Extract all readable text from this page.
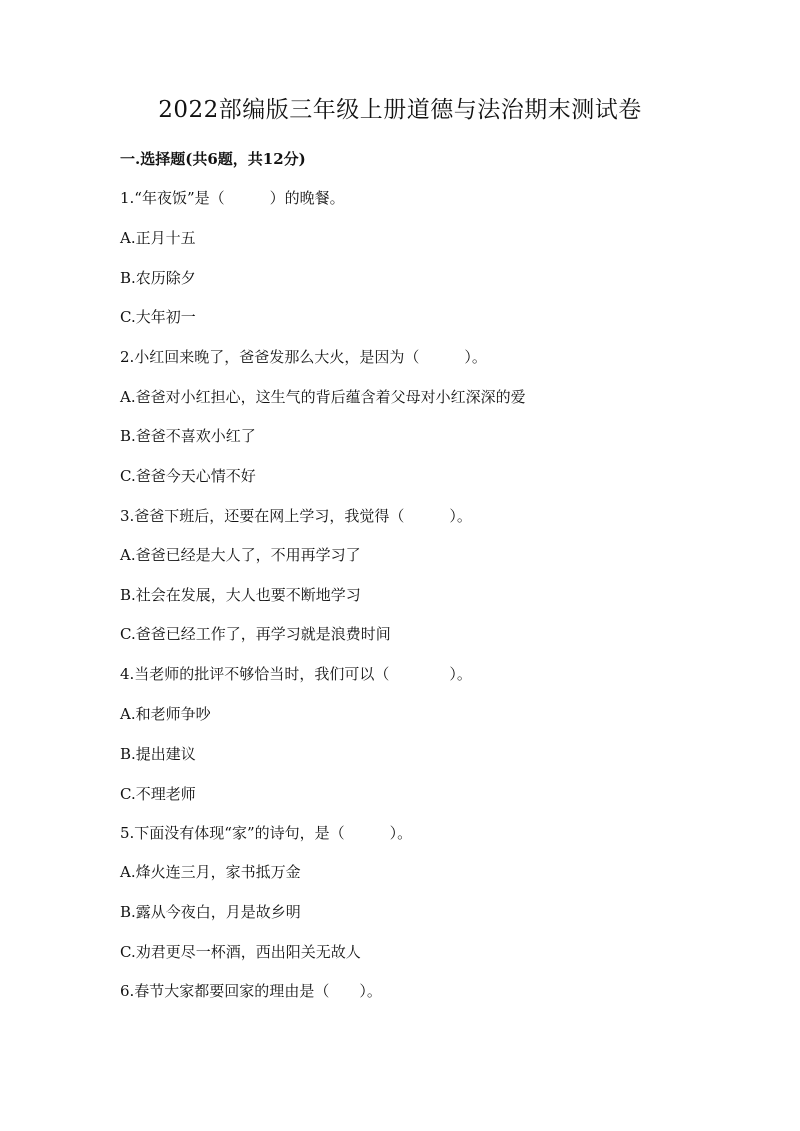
2022部编版三年级上册道德与法治期末测试卷
一.选择题(共6题，共12分)
1.“年夜饭”是（　　　）的晚餐。
A.正月十五
B.农历除夕
C.大年初一
2.小红回来晚了，爸爸发那么大火，是因为（　　　）。
A.爸爸对小红担心，这生气的背后蕴含着父母对小红深深的爱
B.爸爸不喜欢小红了
C.爸爸今天心情不好
3.爸爸下班后，还要在网上学习，我觉得（　　　）。
A.爸爸已经是大人了，不用再学习了
B.社会在发展，大人也要不断地学习
C.爸爸已经工作了，再学习就是浪费时间
4.当老师的批评不够恰当时，我们可以（　　　　）。
A.和老师争吵
B.提出建议
C.不理老师
5.下面没有体现“家”的诗句，是（　　　）。
A.烽火连三月，家书抵万金
B.露从今夜白，月是故乡明
C.劝君更尽一杯酒，西出阳关无故人
6.春节大家都要回家的理由是（　　）。
